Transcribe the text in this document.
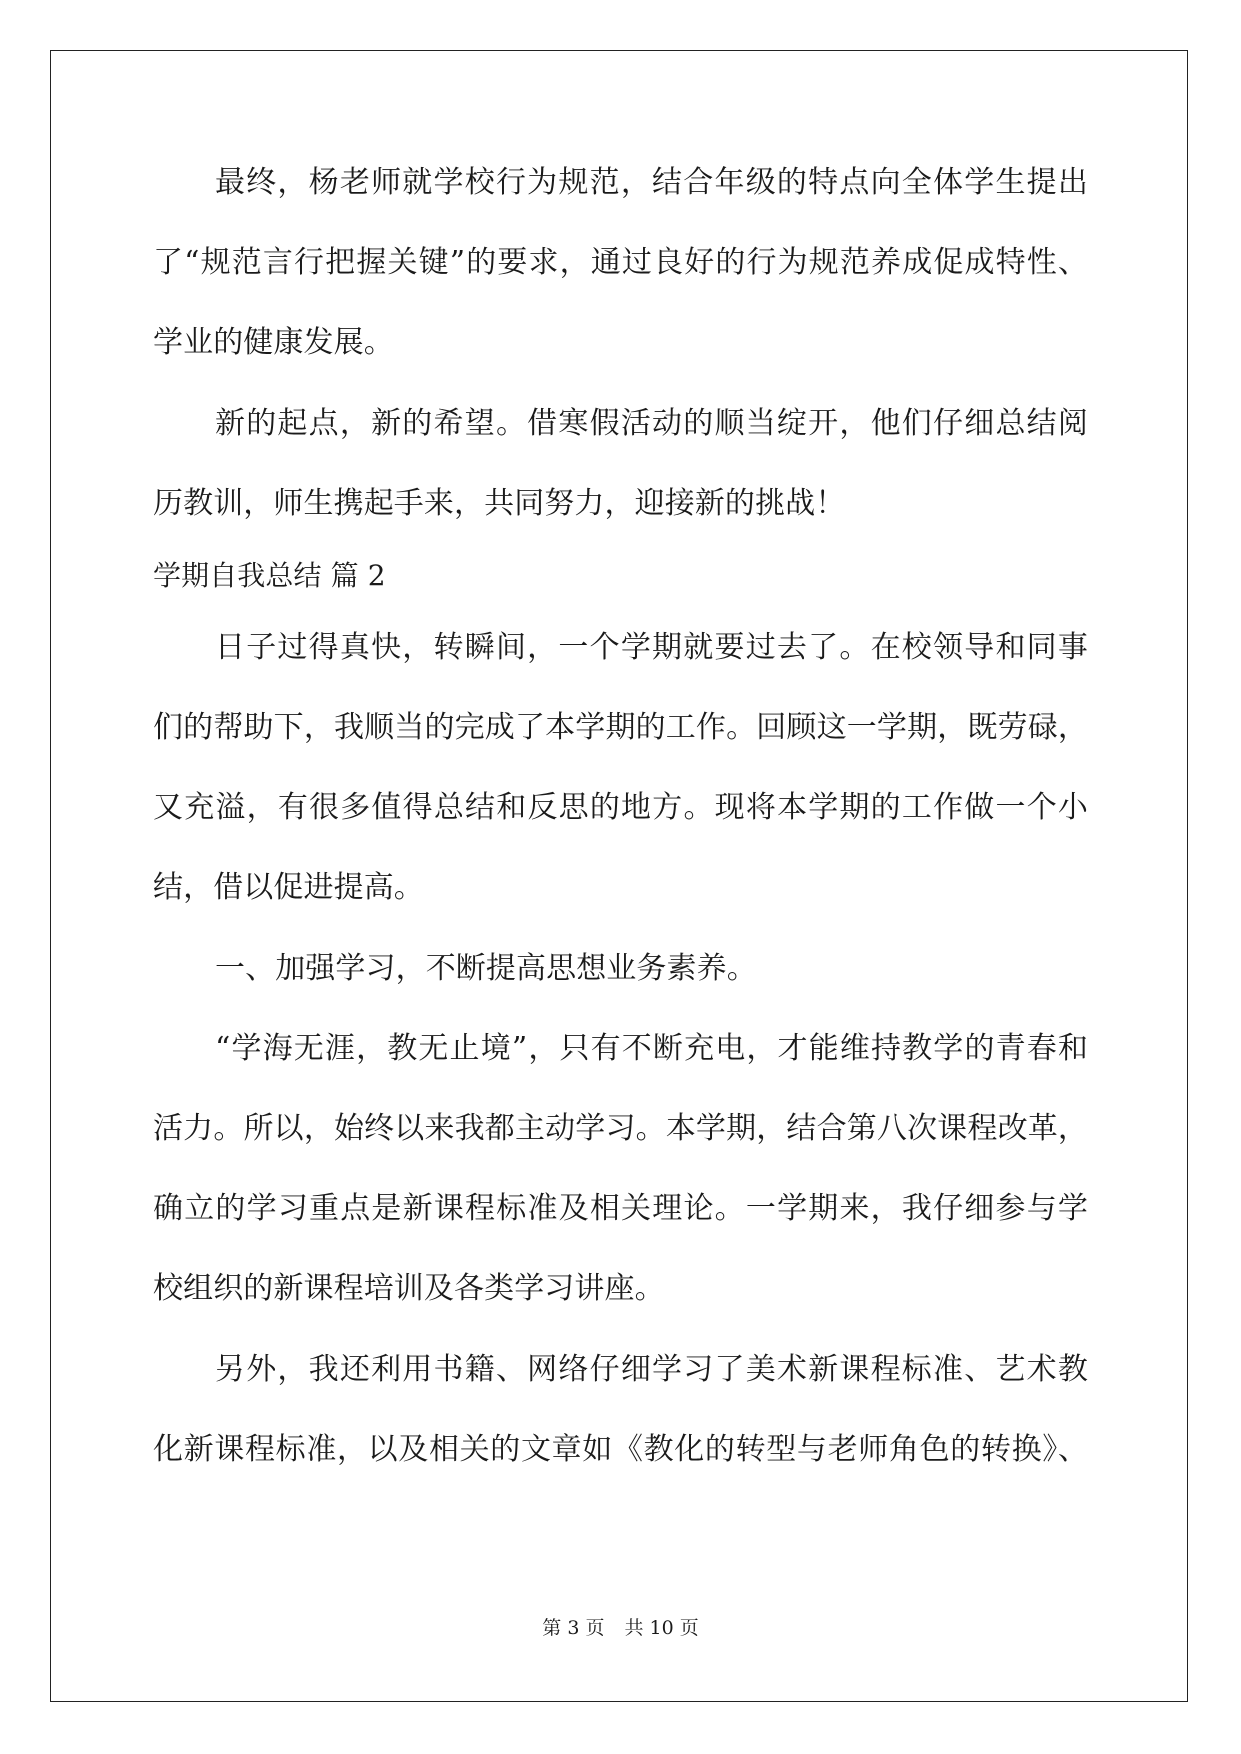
最终，杨老师就学校行为规范，结合年级的特点向全体学生提出
了“规范言行把握关键”的要求，通过良好的行为规范养成促成特性、
学业的健康发展。
新的起点，新的希望。借寒假活动的顺当绽开，他们仔细总结阅
历教训，师生携起手来，共同努力，迎接新的挑战！
学期自我总结 篇 2
日子过得真快，转瞬间，一个学期就要过去了。在校领导和同事
们的帮助下，我顺当的完成了本学期的工作。回顾这一学期，既劳碌，
又充溢，有很多值得总结和反思的地方。现将本学期的工作做一个小
结，借以促进提高。
一、加强学习，不断提高思想业务素养。
“学海无涯，教无止境”，只有不断充电，才能维持教学的青春和
活力。所以，始终以来我都主动学习。本学期，结合第八次课程改革，
确立的学习重点是新课程标准及相关理论。一学期来，我仔细参与学
校组织的新课程培训及各类学习讲座。
另外，我还利用书籍、网络仔细学习了美术新课程标准、艺术教
化新课程标准，以及相关的文章如《教化的转型与老师角色的转换》、
第 3 页 共 10 页
